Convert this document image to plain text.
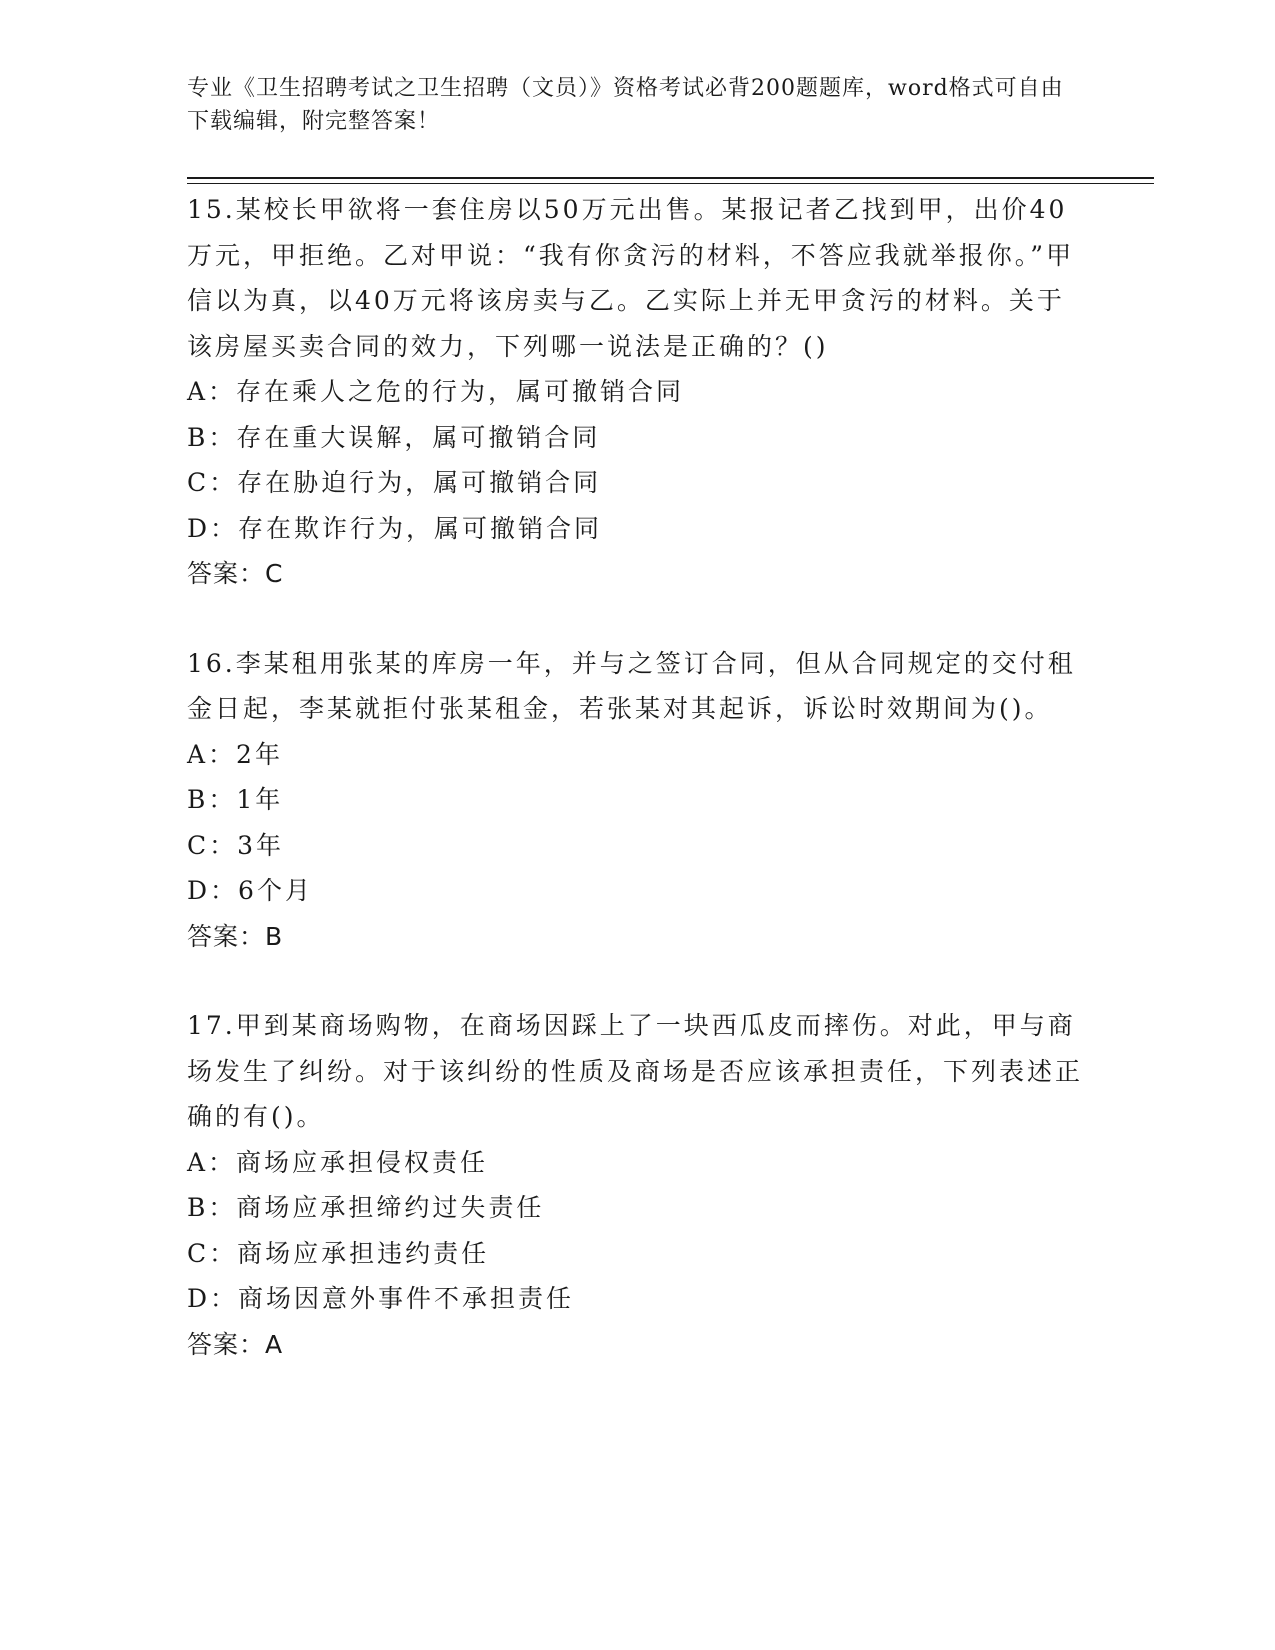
专业《卫生招聘考试之卫生招聘（文员）》资格考试必背200题题库，word格式可自由下载编辑，附完整答案！
15.某校长甲欲将一套住房以50万元出售。某报记者乙找到甲，出价40万元，甲拒绝。乙对甲说：“我有你贪污的材料，不答应我就举报你。”甲信以为真，以40万元将该房卖与乙。乙实际上并无甲贪污的材料。关于该房屋买卖合同的效力，下列哪一说法是正确的？()
A：存在乘人之危的行为，属可撤销合同
B：存在重大误解，属可撤销合同
C：存在胁迫行为，属可撤销合同
D：存在欺诈行为，属可撤销合同
答案：C
16.李某租用张某的库房一年，并与之签订合同，但从合同规定的交付租金日起，李某就拒付张某租金，若张某对其起诉，诉讼时效期间为()。
A：2年
B：1年
C：3年
D：6个月
答案：B
17.甲到某商场购物，在商场因踩上了一块西瓜皮而摔伤。对此，甲与商场发生了纠纷。对于该纠纷的性质及商场是否应该承担责任，下列表述正确的有()。
A：商场应承担侵权责任
B：商场应承担缔约过失责任
C：商场应承担违约责任
D：商场因意外事件不承担责任
答案：A
